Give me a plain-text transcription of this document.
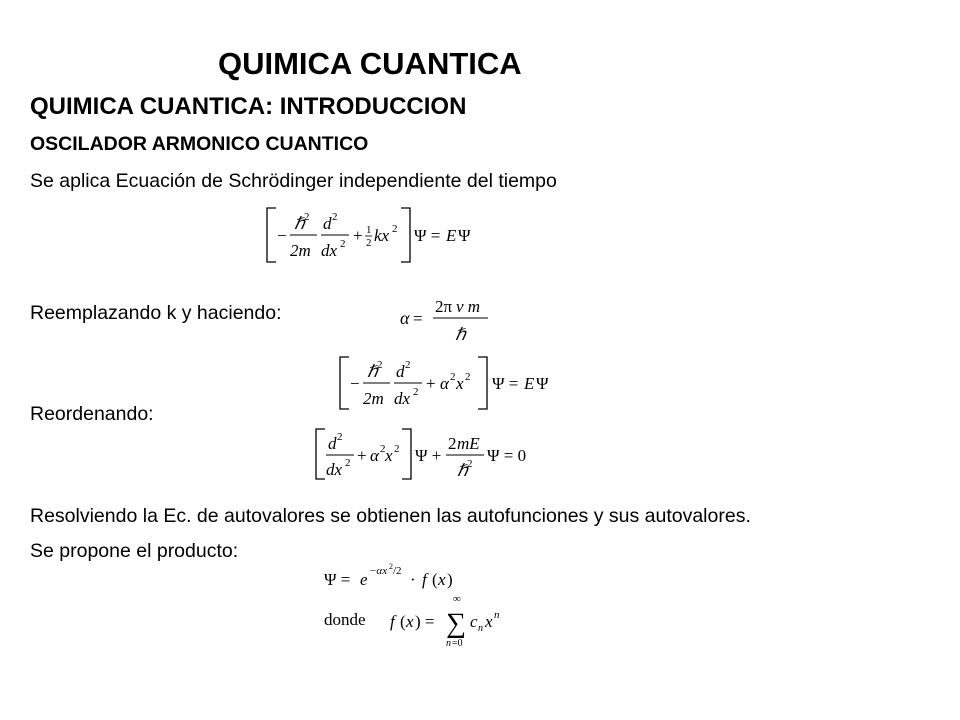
QUIMICA CUANTICA
QUIMICA CUANTICA: INTRODUCCION
OSCILADOR ARMONICO CUANTICO
Se aplica Ecuación de Schrödinger independiente del tiempo
−
ℏ 2
2m
d 2
dx 2 + 1
2 kx 2 Ψ = E Ψ
Reemplazando k y haciendo:	α =
2π ν m
ℏ
−
ℏ 2
2m
d 2
dx 2 + α 2 x 2 Ψ = E Ψ
Reordenando:
d 2
dx 2 + α 2 x 2 Ψ +
2 mE
ℏ 2 Ψ = 0
Resolviendo la Ec. de autovalores se obtienen las autofunciones y sus autovalores.
Se propone el producto:
Ψ = e −αx 2 /2 · f ( x )
donde f ( x ) =
∞
∑
n =0
c n x n
